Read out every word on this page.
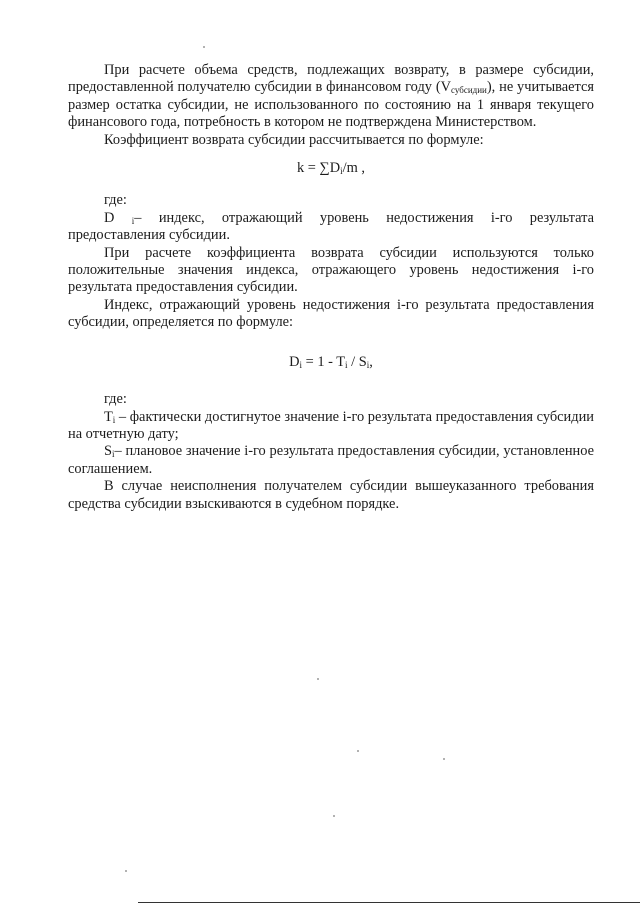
При расчете объема средств, подлежащих возврату, в размере субсидии, предоставленной получателю субсидии в финансовом году $(V_{субсидии})$, не учитывается размер остатка субсидии, не использованного по состоянию на 1 января текущего финансового года, потребность в котором не подтверждена Министерством.

Коэффициент возврата субсидии рассчитывается по формуле:

$k = \sum D_i/m$ ,

где:

D $_i$– индекс, отражающий уровень недостижения i-го результата предоставления субсидии.

При расчете коэффициента возврата субсидии используются только положительные значения индекса, отражающего уровень недостижения i-го результата предоставления субсидии.

Индекс, отражающий уровень недостижения i-го результата предоставления субсидии, определяется по формуле:

$D_i = 1 - T_i / S_i$,

где:

$T_i$ – фактически достигнутое значение i-го результата предоставления субсидии на отчетную дату;

$S_i-$ плановое значение i-го результата предоставления субсидии, установленное соглашением.

В случае неисполнения получателем субсидии вышеуказанного требования средства субсидии взыскиваются в судебном порядке.
